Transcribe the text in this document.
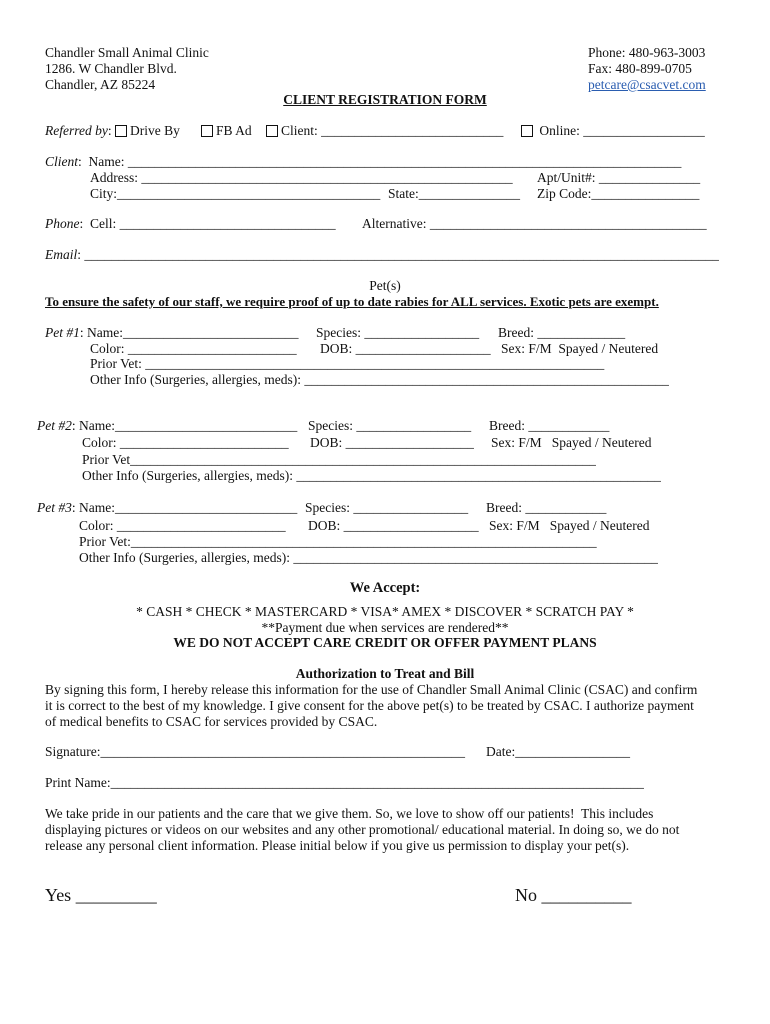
Chandler Small Animal Clinic
1286. W Chandler Blvd.
Chandler, AZ 85224
Phone: 480-963-3003
Fax: 480-899-0705
petcare@csacvet.com
CLIENT REGISTRATION FORM
Referred by: Drive By	FB Ad	Client: ___________________________	Online: __________________
Client:  Name: __________________________________________________________________________________
Address: _______________________________________________________ Apt/Unit#: _______________
City:_______________________________________ State:_______________ Zip Code:________________
Phone:  Cell: ________________________________ Alternative: _________________________________________
Email: ______________________________________________________________________________________________
Pet(s)
To ensure the safety of our staff, we require proof of up to date rabies for ALL services. Exotic pets are exempt.
Pet #1: Name:__________________________ Species: _________________ Breed: _____________
Color: _________________________ DOB: ____________________ Sex: F/M  Spayed / Neutered
Prior Vet: ____________________________________________________________________
Other Info (Surgeries, allergies, meds): ______________________________________________________
Pet #2: Name:___________________________ Species: _________________ Breed: ____________
Color: _________________________ DOB: ___________________ Sex: F/M   Spayed / Neutered
Prior Vet_____________________________________________________________________
Other Info (Surgeries, allergies, meds): ______________________________________________________
Pet #3: Name:___________________________ Species: _________________ Breed: ____________
Color: _________________________ DOB: ____________________ Sex: F/M   Spayed / Neutered
Prior Vet:_____________________________________________________________________
Other Info (Surgeries, allergies, meds): ______________________________________________________
We Accept:
* CASH * CHECK * MASTERCARD * VISA* AMEX * DISCOVER * SCRATCH PAY *
**Payment due when services are rendered**
WE DO NOT ACCEPT CARE CREDIT OR OFFER PAYMENT PLANS
Authorization to Treat and Bill
By signing this form, I hereby release this information for the use of Chandler Small Animal Clinic (CSAC) and confirm
it is correct to the best of my knowledge. I give consent for the above pet(s) to be treated by CSAC. I authorize payment
of medical benefits to CSAC for services provided by CSAC.
Signature:______________________________________________________ Date:_________________
Print Name:_______________________________________________________________________________
We take pride in our patients and the care that we give them. So, we love to show off our patients!  This includes
displaying pictures or videos on our websites and any other promotional/ educational material. In doing so, we do not
release any personal client information. Please initial below if you give us permission to display your pet(s).
Yes _________	No __________
